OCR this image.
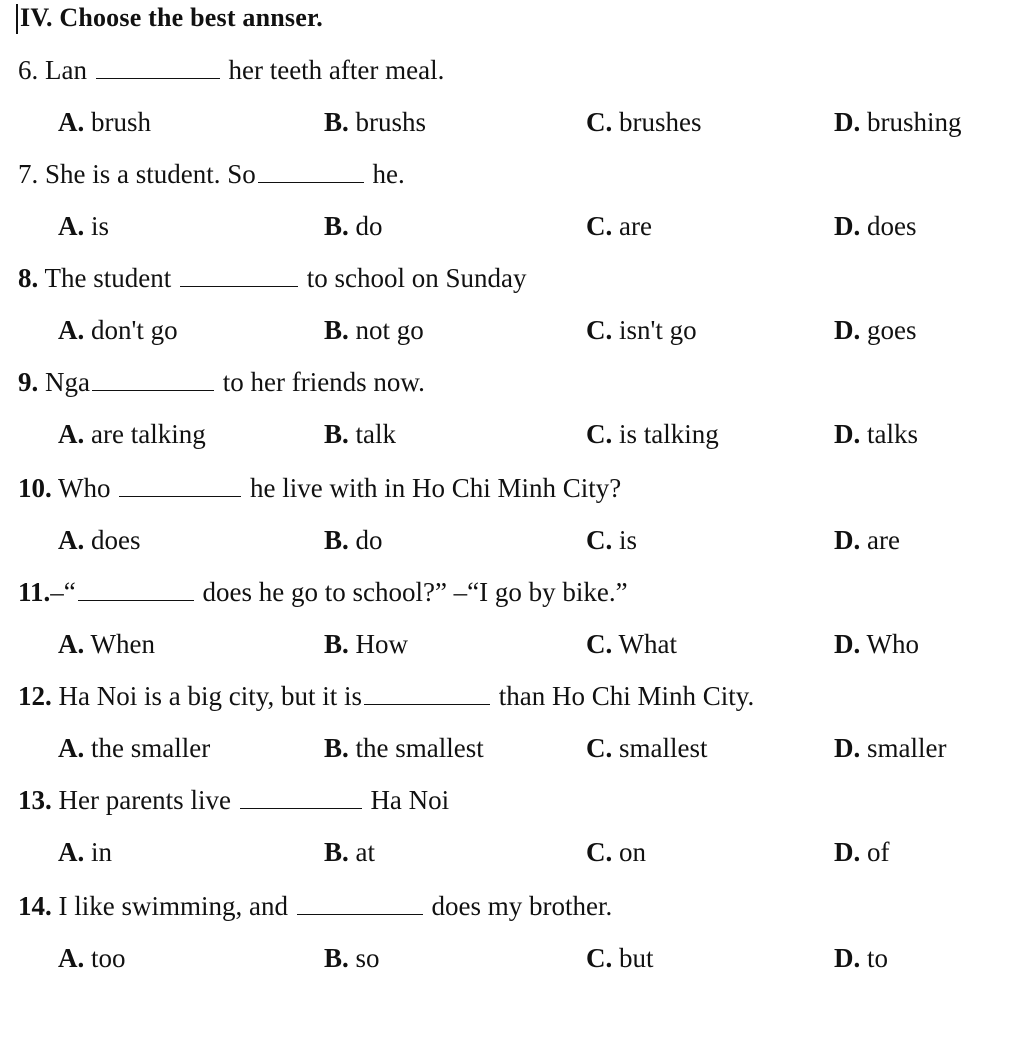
IV. Choose the best annser.
6. Lan	her teeth after meal.
A. brush	B. brushs	C. brushes	D. brushing
7. She is a student. So	he.
A. is	B. do	C. are	D. does
8. The student	to school on Sunday
A. don't go	B. not go	C. isn't go	D. goes
9. Nga	to her friends now.
A. are talking	B. talk	C. is talking	D. talks
10. Who	he live with in Ho Chi Minh City?
A. does	B. do	C. is	D. are
11.–“	does he go to school?” –“I go by bike.”
A. When	B. How	C. What	D. Who
12. Ha Noi is a big city, but it is	than Ho Chi Minh City.
A. the smaller	B. the smallest	C. smallest	D. smaller
13. Her parents live	Ha Noi
A. in	B. at	C. on	D. of
14. I like swimming, and	does my brother.
A. too	B. so	C. but	D. to
